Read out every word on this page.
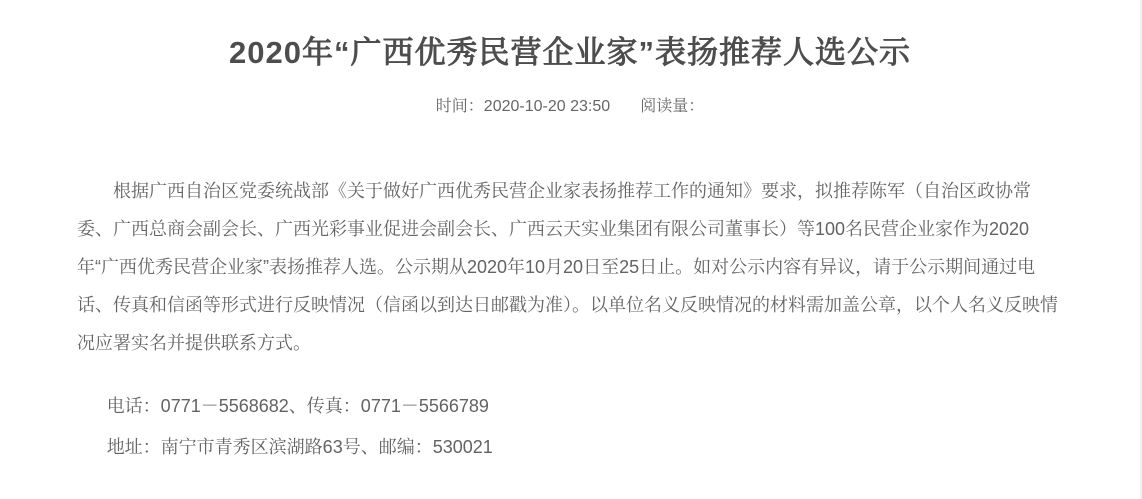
2020年“广西优秀民营企业家”表扬推荐人选公示
时间：2020-10-20 23:50 阅读量：

根据广西自治区党委统战部《关于做好广西优秀民营企业家表扬推荐工作的通知》要求，拟推荐陈军（自治区政协常委、广西总商会副会长、广西光彩事业促进会副会长、广西云天实业集团有限公司董事长）等100名民营企业家作为2020年“广西优秀民营企业家”表扬推荐人选。公示期从2020年10月20日至25日止。如对公示内容有异议，请于公示期间通过电话、传真和信函等形式进行反映情况（信函以到达日邮戳为准）。以单位名义反映情况的材料需加盖公章，以个人名义反映情况应署实名并提供联系方式。

电话：0771－5568682、传真：0771－5566789

地址：南宁市青秀区滨湖路63号、邮编：530021
